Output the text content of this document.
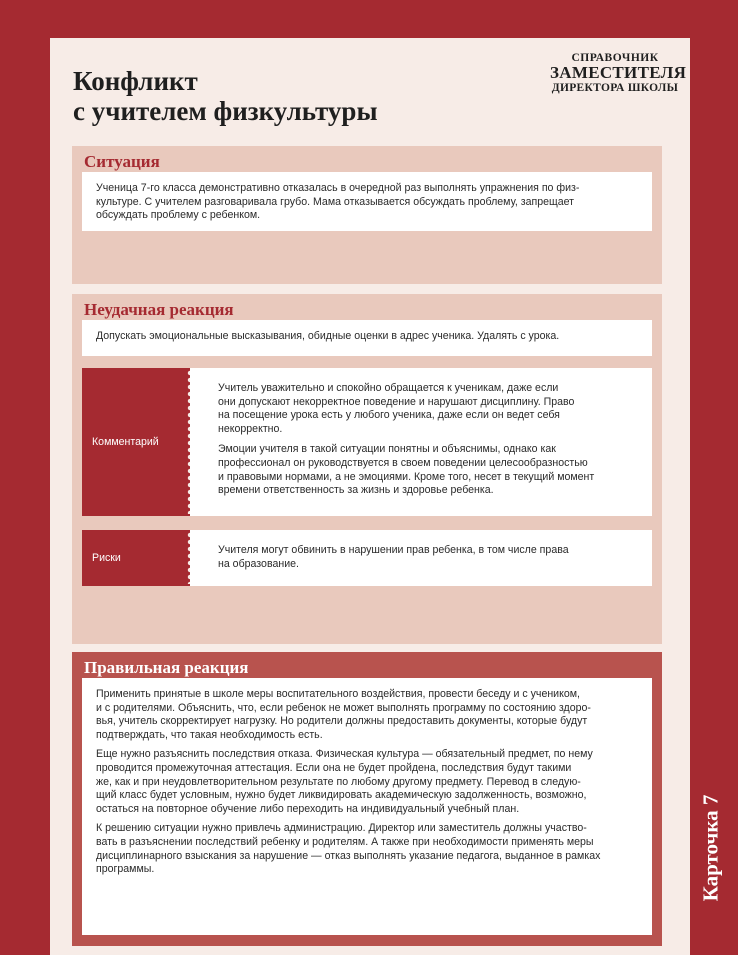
СПРАВОЧНИК
ЗАМЕСТИТЕЛЯ
ДИРЕКТОРА ШКОЛЫ
Конфликт
с учителем физкультуры
Ситуация
Ученица 7-го класса демонстративно отказалась в очередной раз выполнять упражнения по физ-
культуре. С учителем разговаривала грубо. Мама отказывается обсуждать проблему, запрещает
обсуждать проблему с ребенком.
Неудачная реакция
Допускать эмоциональные высказывания, обидные оценки в адрес ученика. Удалять с урока.
Комментарий

Учитель уважительно и спокойно обращается к ученикам, даже если
они допускают некорректное поведение и нарушают дисциплину. Право
на посещение урока есть у любого ученика, даже если он ведет себя
некорректно.

Эмоции учителя в такой ситуации понятны и объяснимы, однако как
профессионал он руководствуется в своем поведении целесообразностью
и правовыми нормами, а не эмоциями. Кроме того, несет в текущий момент
времени ответственность за жизнь и здоровье ребенка.

Риски
Учителя могут обвинить в нарушении прав ребенка, в том числе права
на образование.
Правильная реакция

Применить принятые в школе меры воспитательного воздействия, провести беседу и с учеником,
и с родителями. Объяснить, что, если ребенок не может выполнять программу по состоянию здоро-
вья, учитель скорректирует нагрузку. Но родители должны предоставить документы, которые будут
подтверждать, что такая необходимость есть.

Еще нужно разъяснить последствия отказа. Физическая культура — обязательный предмет, по нему
проводится промежуточная аттестация. Если она не будет пройдена, последствия будут такими
же, как и при неудовлетворительном результате по любому другому предмету. Перевод в следую-
щий класс будет условным, нужно будет ликвидировать академическую задолженность, возможно,
остаться на повторное обучение либо переходить на индивидуальный учебный план.

К решению ситуации нужно привлечь администрацию. Директор или заместитель должны участво-
вать в разъяснении последствий ребенку и родителям. А также при необходимости применять меры
дисциплинарного взыскания за нарушение — отказ выполнять указание педагога, выданное в рамках
программы.	Карточка 7
